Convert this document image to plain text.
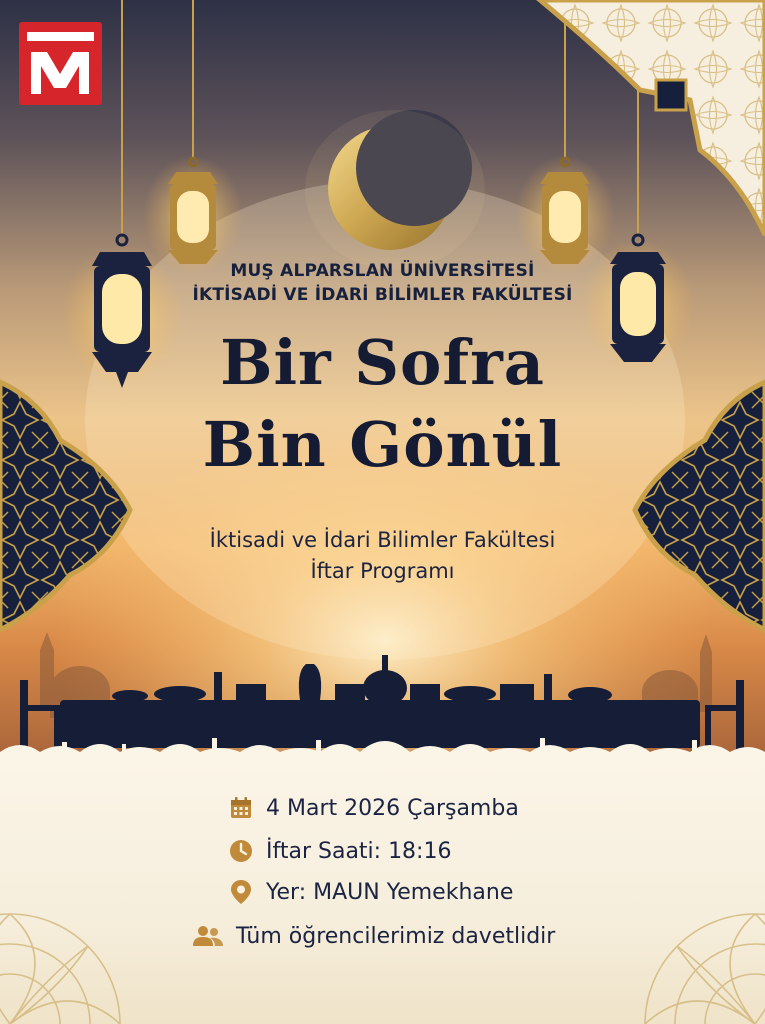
MUŞ ALPARSLAN ÜNİVERSİTESİ
İKTİSADİ VE İDARİ BİLİMLER FAKÜLTESİ
Bir Sofra
Bin Gönül
İktisadi ve İdari Bilimler Fakültesi
İftar Programı
4 Mart 2026 Çarşamba
İftar Saati: 18:16
Yer: MAUN Yemekhane
Tüm öğrencilerimiz davetlidir
